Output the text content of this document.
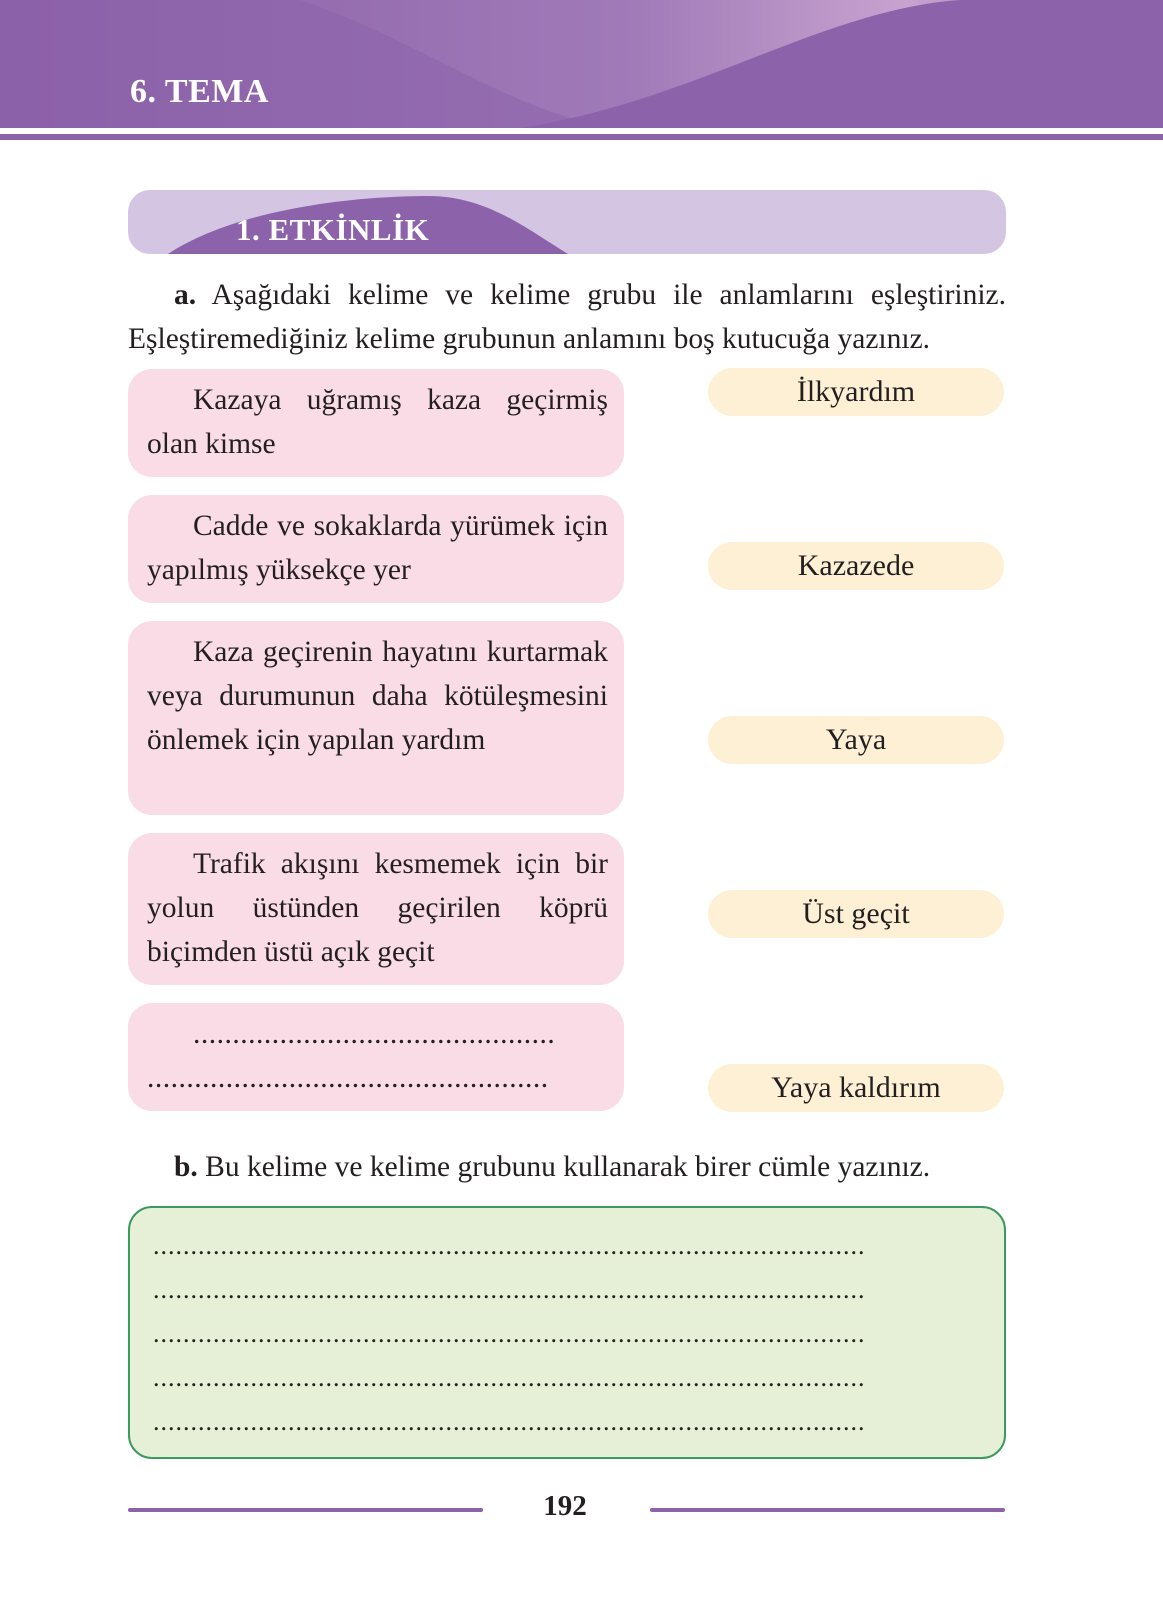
6. TEMA
1. ETKİNLİK
a. Aşağıdaki kelime ve kelime grubu ile anlamlarını eşleştiriniz. Eşleştiremediğiniz kelime grubunun anlamını boş kutucuğa yazınız.
Kazaya uğramış kaza geçirmiş olan kimse
Cadde ve sokaklarda yürümek için yapılmış yüksekçe yer
Kaza geçirenin hayatını kurtarmak veya durumunun daha kötüleşmesini önlemek için yapılan yardım
Trafik akışını kesmemek için bir yolun üstünden geçirilen köprü biçimden üstü açık geçit
..............................................
...................................................
İlkyardım
Kazazede
Yaya
Üst geçit
Yaya kaldırım
b. Bu kelime ve kelime grubunu kullanarak birer cümle yazınız.
...............................................................................................
...............................................................................................
...............................................................................................
...............................................................................................
...............................................................................................
192
